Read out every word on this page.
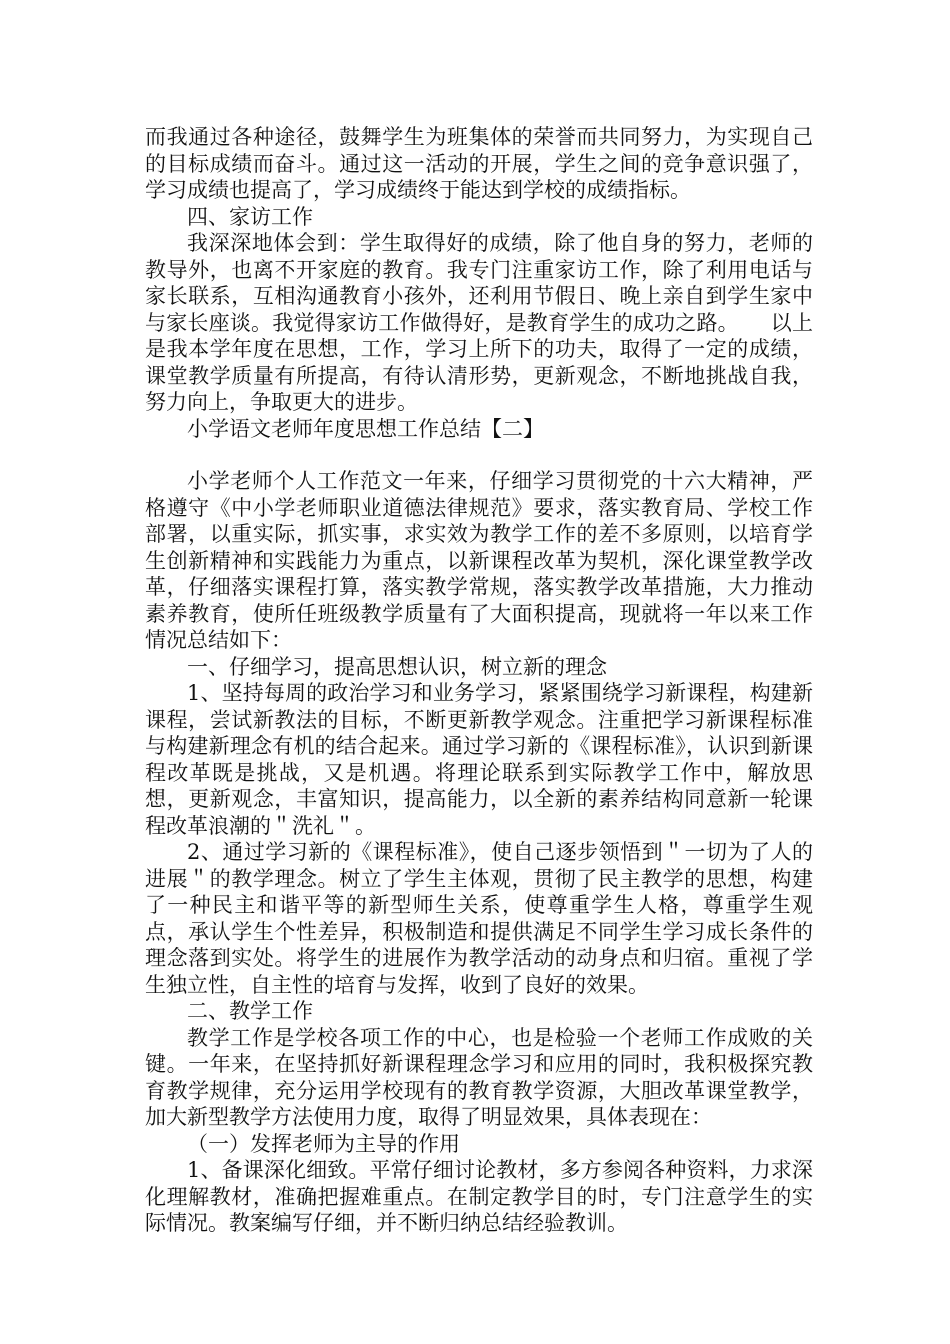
而我通过各种途径，鼓舞学生为班集体的荣誉而共同努力，为实现自己的目标成绩而奋斗。通过这一活动的开展，学生之间的竞争意识强了，学习成绩也提高了，学习成绩终于能达到学校的成绩指标。

四、家访工作

我深深地体会到：学生取得好的成绩，除了他自身的努力，老师的教导外，也离不开家庭的教育。我专门注重家访工作，除了利用电话与家长联系，互相沟通教育小孩外，还利用节假日、晚上亲自到学生家中与家长座谈。我觉得家访工作做得好，是教育学生的成功之路。　　以上是我本学年度在思想，工作，学习上所下的功夫，取得了一定的成绩，课堂教学质量有所提高，有待认清形势，更新观念，不断地挑战自我，努力向上，争取更大的进步。

小学语文老师年度思想工作总结【二】

小学老师个人工作范文一年来，仔细学习贯彻党的十六大精神，严格遵守《中小学老师职业道德法律规范》要求，落实教育局、学校工作部署，以重实际，抓实事，求实效为教学工作的差不多原则，以培育学生创新精神和实践能力为重点，以新课程改革为契机，深化课堂教学改革，仔细落实课程打算，落实教学常规，落实教学改革措施，大力推动素养教育，使所任班级教学质量有了大面积提高，现就将一年以来工作情况总结如下：

一、仔细学习，提高思想认识，树立新的理念

1、坚持每周的政治学习和业务学习，紧紧围绕学习新课程，构建新课程，尝试新教法的目标，不断更新教学观念。注重把学习新课程标准与构建新理念有机的结合起来。通过学习新的《课程标准》，认识到新课程改革既是挑战，又是机遇。将理论联系到实际教学工作中，解放思想，更新观念，丰富知识，提高能力，以全新的素养结构同意新一轮课程改革浪潮的＂洗礼＂。

2、通过学习新的《课程标准》，使自己逐步领悟到＂一切为了人的进展＂的教学理念。树立了学生主体观，贯彻了民主教学的思想，构建了一种民主和谐平等的新型师生关系，使尊重学生人格，尊重学生观点，承认学生个性差异，积极制造和提供满足不同学生学习成长条件的理念落到实处。将学生的进展作为教学活动的动身点和归宿。重视了学生独立性，自主性的培育与发挥，收到了良好的效果。

二、教学工作

教学工作是学校各项工作的中心，也是检验一个老师工作成败的关键。一年来，在坚持抓好新课程理念学习和应用的同时，我积极探究教育教学规律，充分运用学校现有的教育教学资源，大胆改革课堂教学，加大新型教学方法使用力度，取得了明显效果，具体表现在：

（一）发挥老师为主导的作用

1、备课深化细致。平常仔细讨论教材，多方参阅各种资料，力求深化理解教材，准确把握难重点。在制定教学目的时，专门注意学生的实际情况。教案编写仔细，并不断归纳总结经验教训。
